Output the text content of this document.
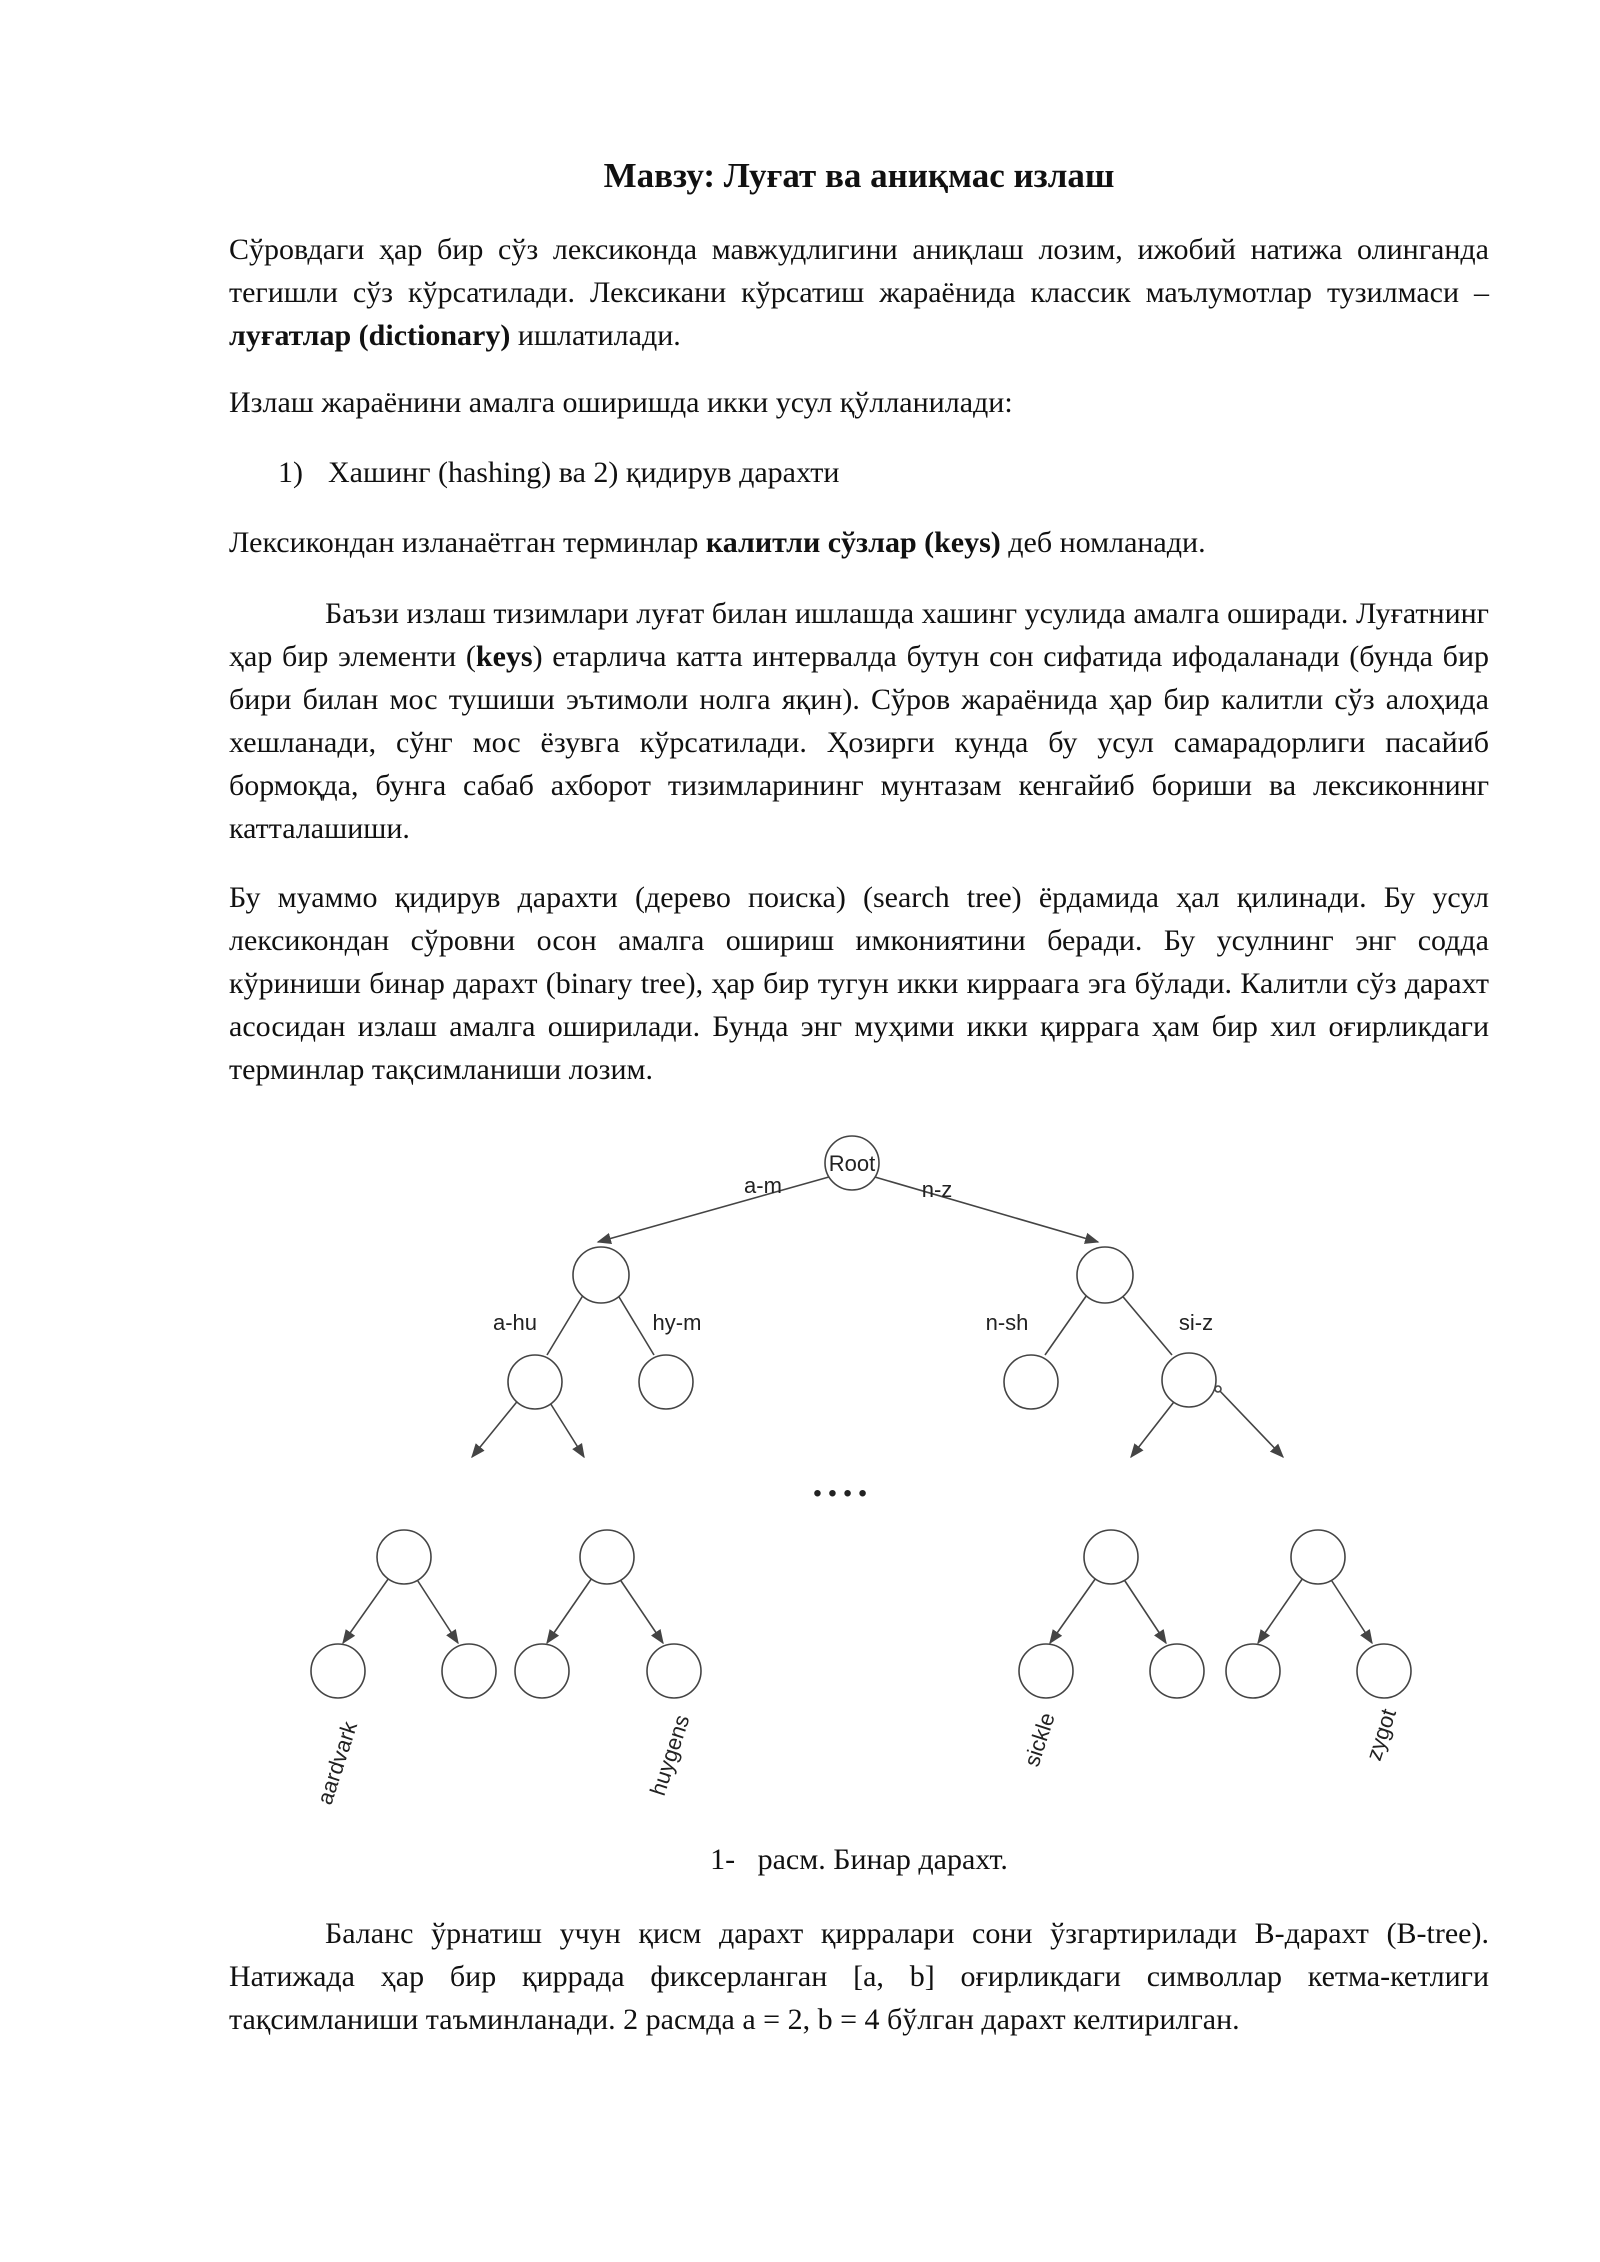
Мавзу: Луғат ва аниқмас излаш

Сўровдаги ҳар бир сўз лексиконда мавжудлигини аниқлаш лозим, ижобий натижа олинганда тегишли сўз кўрсатилади. Лексикани кўрсатиш жараёнида классик маълумотлар тузилмаси – луғатлар (dictionary) ишлатилади.

Излаш жараёнини амалга оширишда икки усул қўлланилади:

1) Хашинг (hashing) ва 2) қидирув дарахти

Лексикондан изланаётган терминлар калитли сўзлар (keys) деб номланади.

Баъзи излаш тизимлари луғат билан ишлашда хашинг усулида амалга оширади. Луғатнинг ҳар бир элементи (keys) етарлича катта интервалда бутун сон сифатида ифодаланади (бунда бир бири билан мос тушиши эътимоли нолга яқин). Сўров жараёнида ҳар бир калитли сўз алоҳида хешланади, сўнг мос ёзувга кўрсатилади. Ҳозирги кунда бу усул самарадорлиги пасайиб бормоқда, бунга сабаб ахборот тизимларининг мунтазам кенгайиб бориши ва лексиконнинг катталашиши.

Бу муаммо қидирув дарахти (дерево поиска) (search tree) ёрдамида ҳал қилинади. Бу усул лексикондан сўровни осон амалга ошириш имкониятини беради. Бу усулнинг энг содда кўриниши бинар дарахт (binary tree), ҳар бир тугун икки кирраага эга бўлади. Калитли сўз дарахт асосидан излаш амалга оширилади. Бунда энг муҳими икки қиррага ҳам бир хил оғирликдаги терминлар тақсимланиши лозим.

Root
a-m	n-z
a-hu	hy-m	n-sh	si-z
• • • •
aardvark	huygens	sickle	zygot
1- расм. Бинар дарахт.

Баланс ўрнатиш учун қисм дарахт қирралари сони ўзгартирилади B-дарахт (B-tree). Натижада ҳар бир қиррада фиксерланган [a, b] оғирликдаги символлар кетма-кетлиги тақсимланиши таъминланади. 2 расмда a = 2, b = 4 бўлган дарахт келтирилган.
